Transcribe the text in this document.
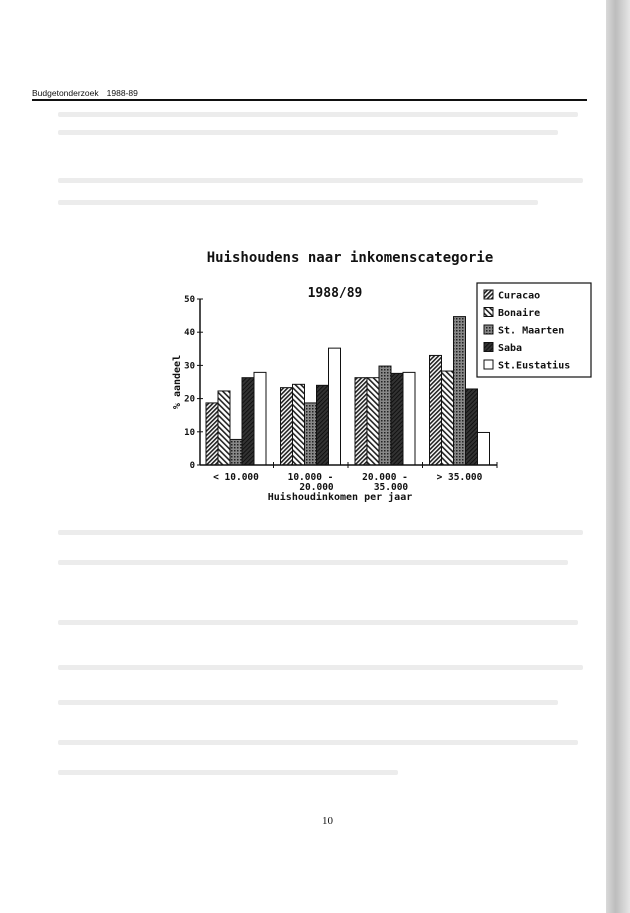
Budgetonderzoek 1988-89
Huishoudens naar inkomenscategorie
1988/89
% aandeel
Huishoudinkomen per jaar
0
10
20
30
40
50
< 10.000	10.000 -
20.000
20.000 -
35.000
> 35.000
Curacao
Bonaire
St. Maarten
Saba
St.Eustatius
10
